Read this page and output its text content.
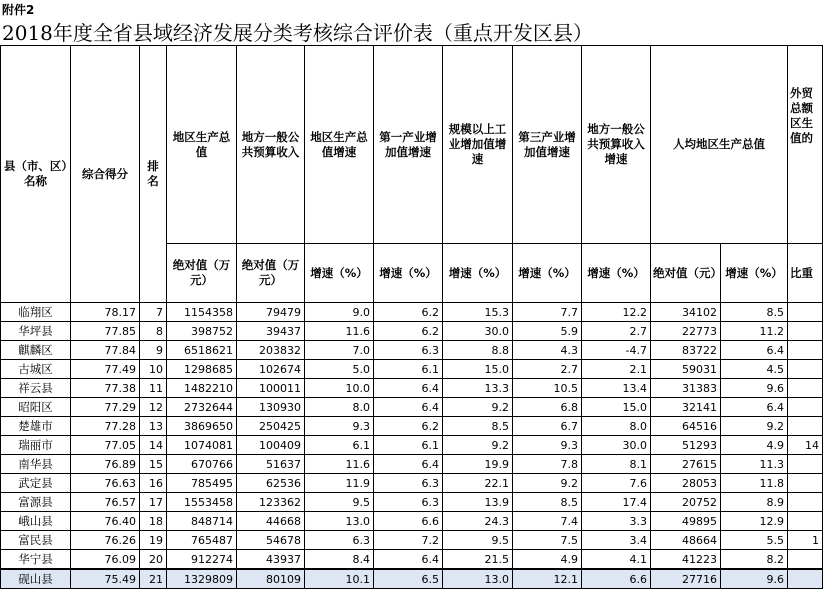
附件2
2018年度全省县域经济发展分类考核综合评价表（重点开发区县）
县（市、区）名称	综合得分	排名	地区生产总值	地方一般公共预算收入	地区生产总值增速	第一产业增加值增速	规模以上工业增加值增速	第三产业增加值增速	地方一般公共预算收入增速	人均地区生产总值		外贸总额区生值的
			绝对值（万元）	绝对值（万元）	增速（%）	增速（%）	增速（%）	增速（%）	增速（%）	绝对值（元）	增速（%）	比重
临翔区	78.17	7	1154358	79479	9.0	6.2	15.3	7.7	12.2	34102	8.5	
华坪县	77.85	8	398752	39437	11.6	6.2	30.0	5.9	2.7	22773	11.2	
麒麟区	77.84	9	6518621	203832	7.0	6.3	8.8	4.3	-4.7	83722	6.4	
古城区	77.49	10	1298685	102674	5.0	6.1	15.0	2.7	2.1	59031	4.5	
祥云县	77.38	11	1482210	100011	10.0	6.4	13.3	10.5	13.4	31383	9.6	
昭阳区	77.29	12	2732644	130930	8.0	6.4	9.2	6.8	15.0	32141	6.4	
楚雄市	77.28	13	3869650	250425	9.3	6.2	8.5	6.7	8.0	64516	9.2	
瑞丽市	77.05	14	1074081	100409	6.1	6.1	9.2	9.3	30.0	51293	4.9	14
南华县	76.89	15	670766	51637	11.6	6.4	19.9	7.8	8.1	27615	11.3	
武定县	76.63	16	785495	62536	11.9	6.3	22.1	9.2	7.6	28053	11.8	
富源县	76.57	17	1553458	123362	9.5	6.3	13.9	8.5	17.4	20752	8.9	
峨山县	76.40	18	848714	44668	13.0	6.6	24.3	7.4	3.3	49895	12.9	
富民县	76.26	19	765487	54678	6.3	7.2	9.5	7.5	3.4	48664	5.5	1
华宁县	76.09	20	912274	43937	8.4	6.4	21.5	4.9	4.1	41223	8.2	
砚山县	75.49	21	1329809	80109	10.1	6.5	13.0	12.1	6.6	27716	9.6	
